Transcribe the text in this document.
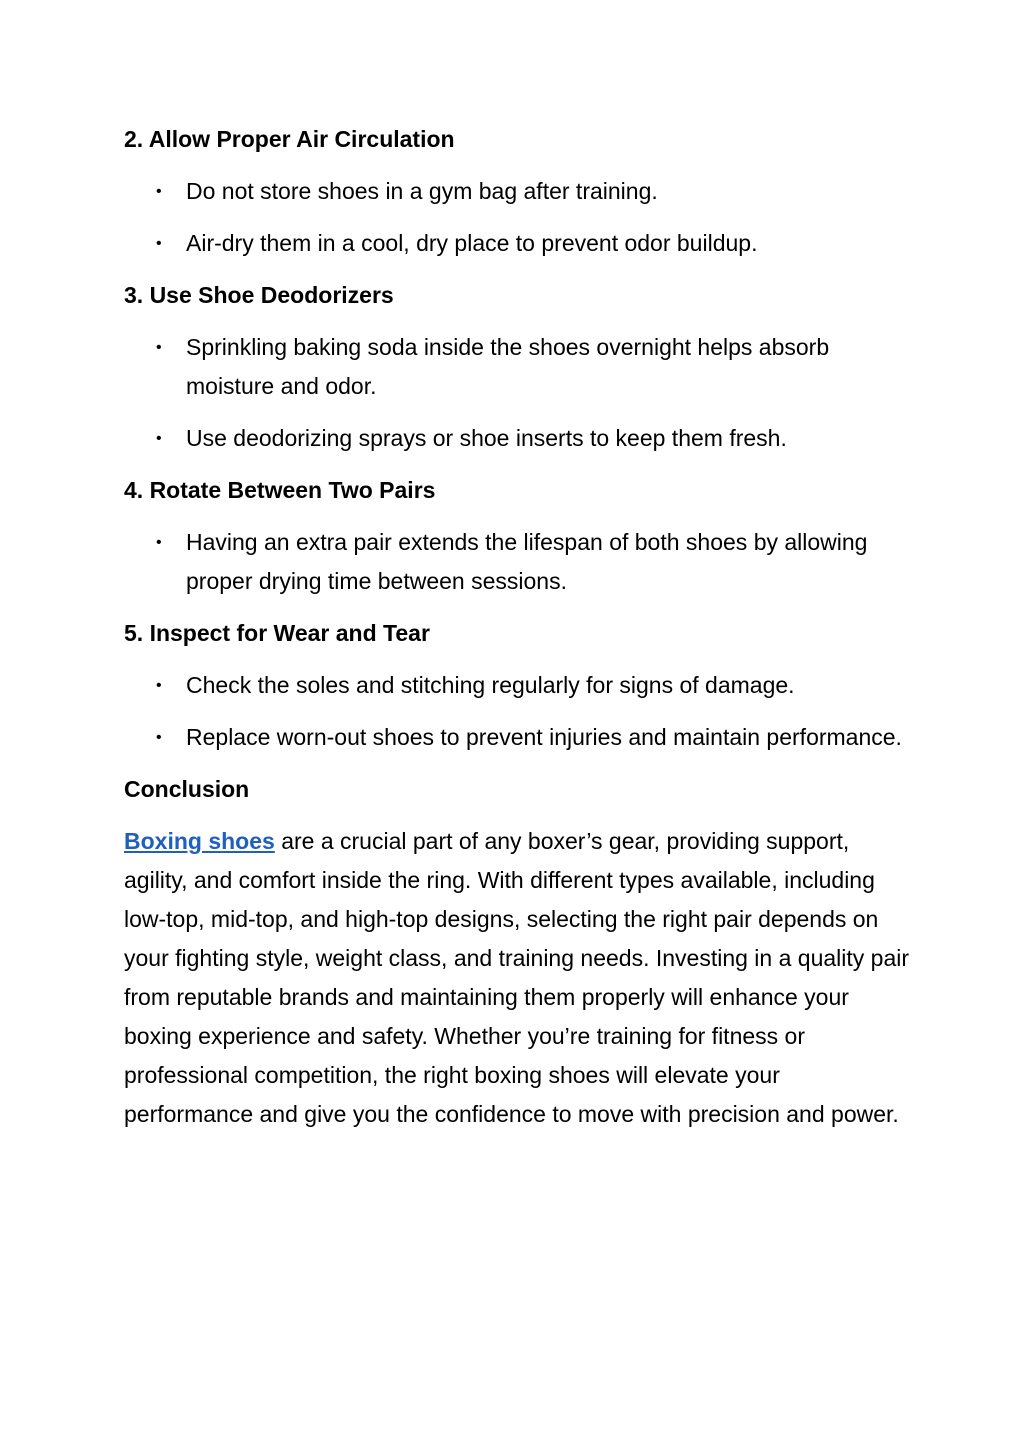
2. Allow Proper Air Circulation
• Do not store shoes in a gym bag after training.
• Air-dry them in a cool, dry place to prevent odor buildup.
3. Use Shoe Deodorizers
• Sprinkling baking soda inside the shoes overnight helps absorb moisture and odor.
• Use deodorizing sprays or shoe inserts to keep them fresh.
4. Rotate Between Two Pairs
• Having an extra pair extends the lifespan of both shoes by allowing proper drying time between sessions.
5. Inspect for Wear and Tear
• Check the soles and stitching regularly for signs of damage.
• Replace worn-out shoes to prevent injuries and maintain performance.
Conclusion

Boxing shoes are a crucial part of any boxer’s gear, providing support, agility, and comfort inside the ring. With different types available, including low-top, mid-top, and high-top designs, selecting the right pair depends on your fighting style, weight class, and training needs. Investing in a quality pair from reputable brands and maintaining them properly will enhance your boxing experience and safety. Whether you’re training for fitness or professional competition, the right boxing shoes will elevate your performance and give you the confidence to move with precision and power.
